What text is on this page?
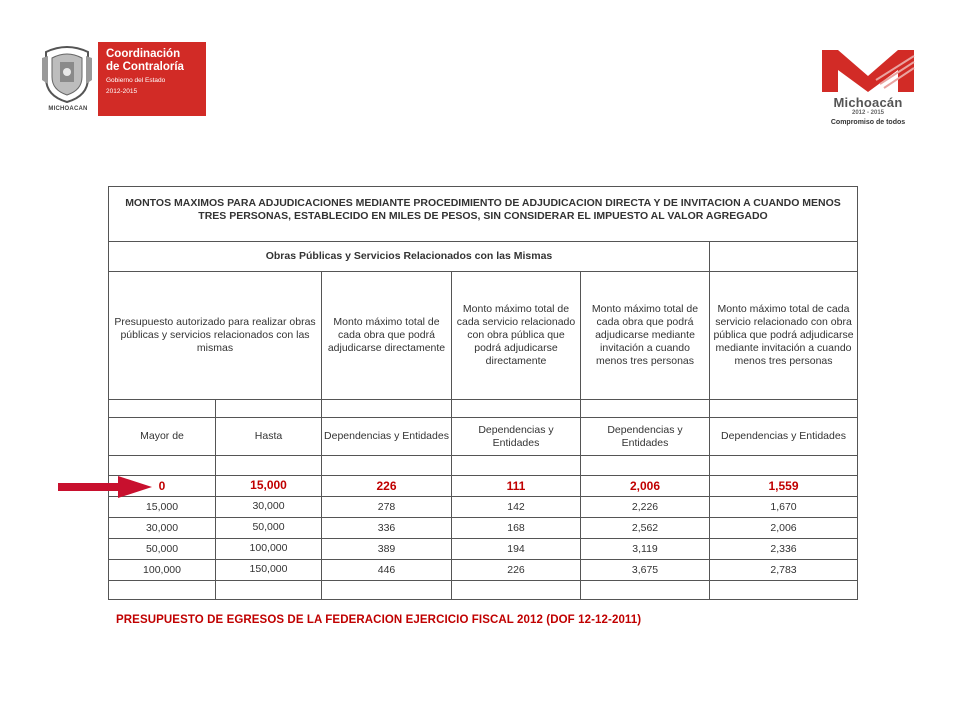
MICHOACAN
Coordinación
de Contraloría
Gobierno del Estado
2012-2015
Michoacán
2012 - 2015
Compromiso de todos
MONTOS MAXIMOS PARA ADJUDICACIONES MEDIANTE PROCEDIMIENTO DE ADJUDICACION DIRECTA Y DE INVITACION A CUANDO MENOS TRES PERSONAS, ESTABLECIDO EN MILES DE PESOS, SIN CONSIDERAR EL IMPUESTO AL VALOR AGREGADO					
Obras Públicas y Servicios Relacionados con las Mismas					
Presupuesto autorizado para realizar obras públicas y servicios relacionados con las mismas		Monto máximo total de cada obra que podrá adjudicarse directamente	Monto máximo total de cada servicio relacionado con obra pública que podrá adjudicarse directamente	Monto máximo total de cada obra que podrá adjudicarse mediante invitación a cuando menos tres personas	Monto máximo total de cada servicio relacionado con obra pública que podrá adjudicarse mediante invitación a cuando menos tres personas

Mayor de	Hasta	Dependencias y Entidades	Dependencias y Entidades	Dependencias y Entidades	Dependencias y Entidades

0	15,000	226	111	2,006	1,559
15,000	30,000	278	142	2,226	1,670
30,000	50,000	336	168	2,562	2,006
50,000	100,000	389	194	3,119	2,336
100,000	150,000	446	226	3,675	2,783

PRESUPUESTO DE EGRESOS DE LA FEDERACION EJERCICIO FISCAL 2012 (DOF 12-12-2011)
